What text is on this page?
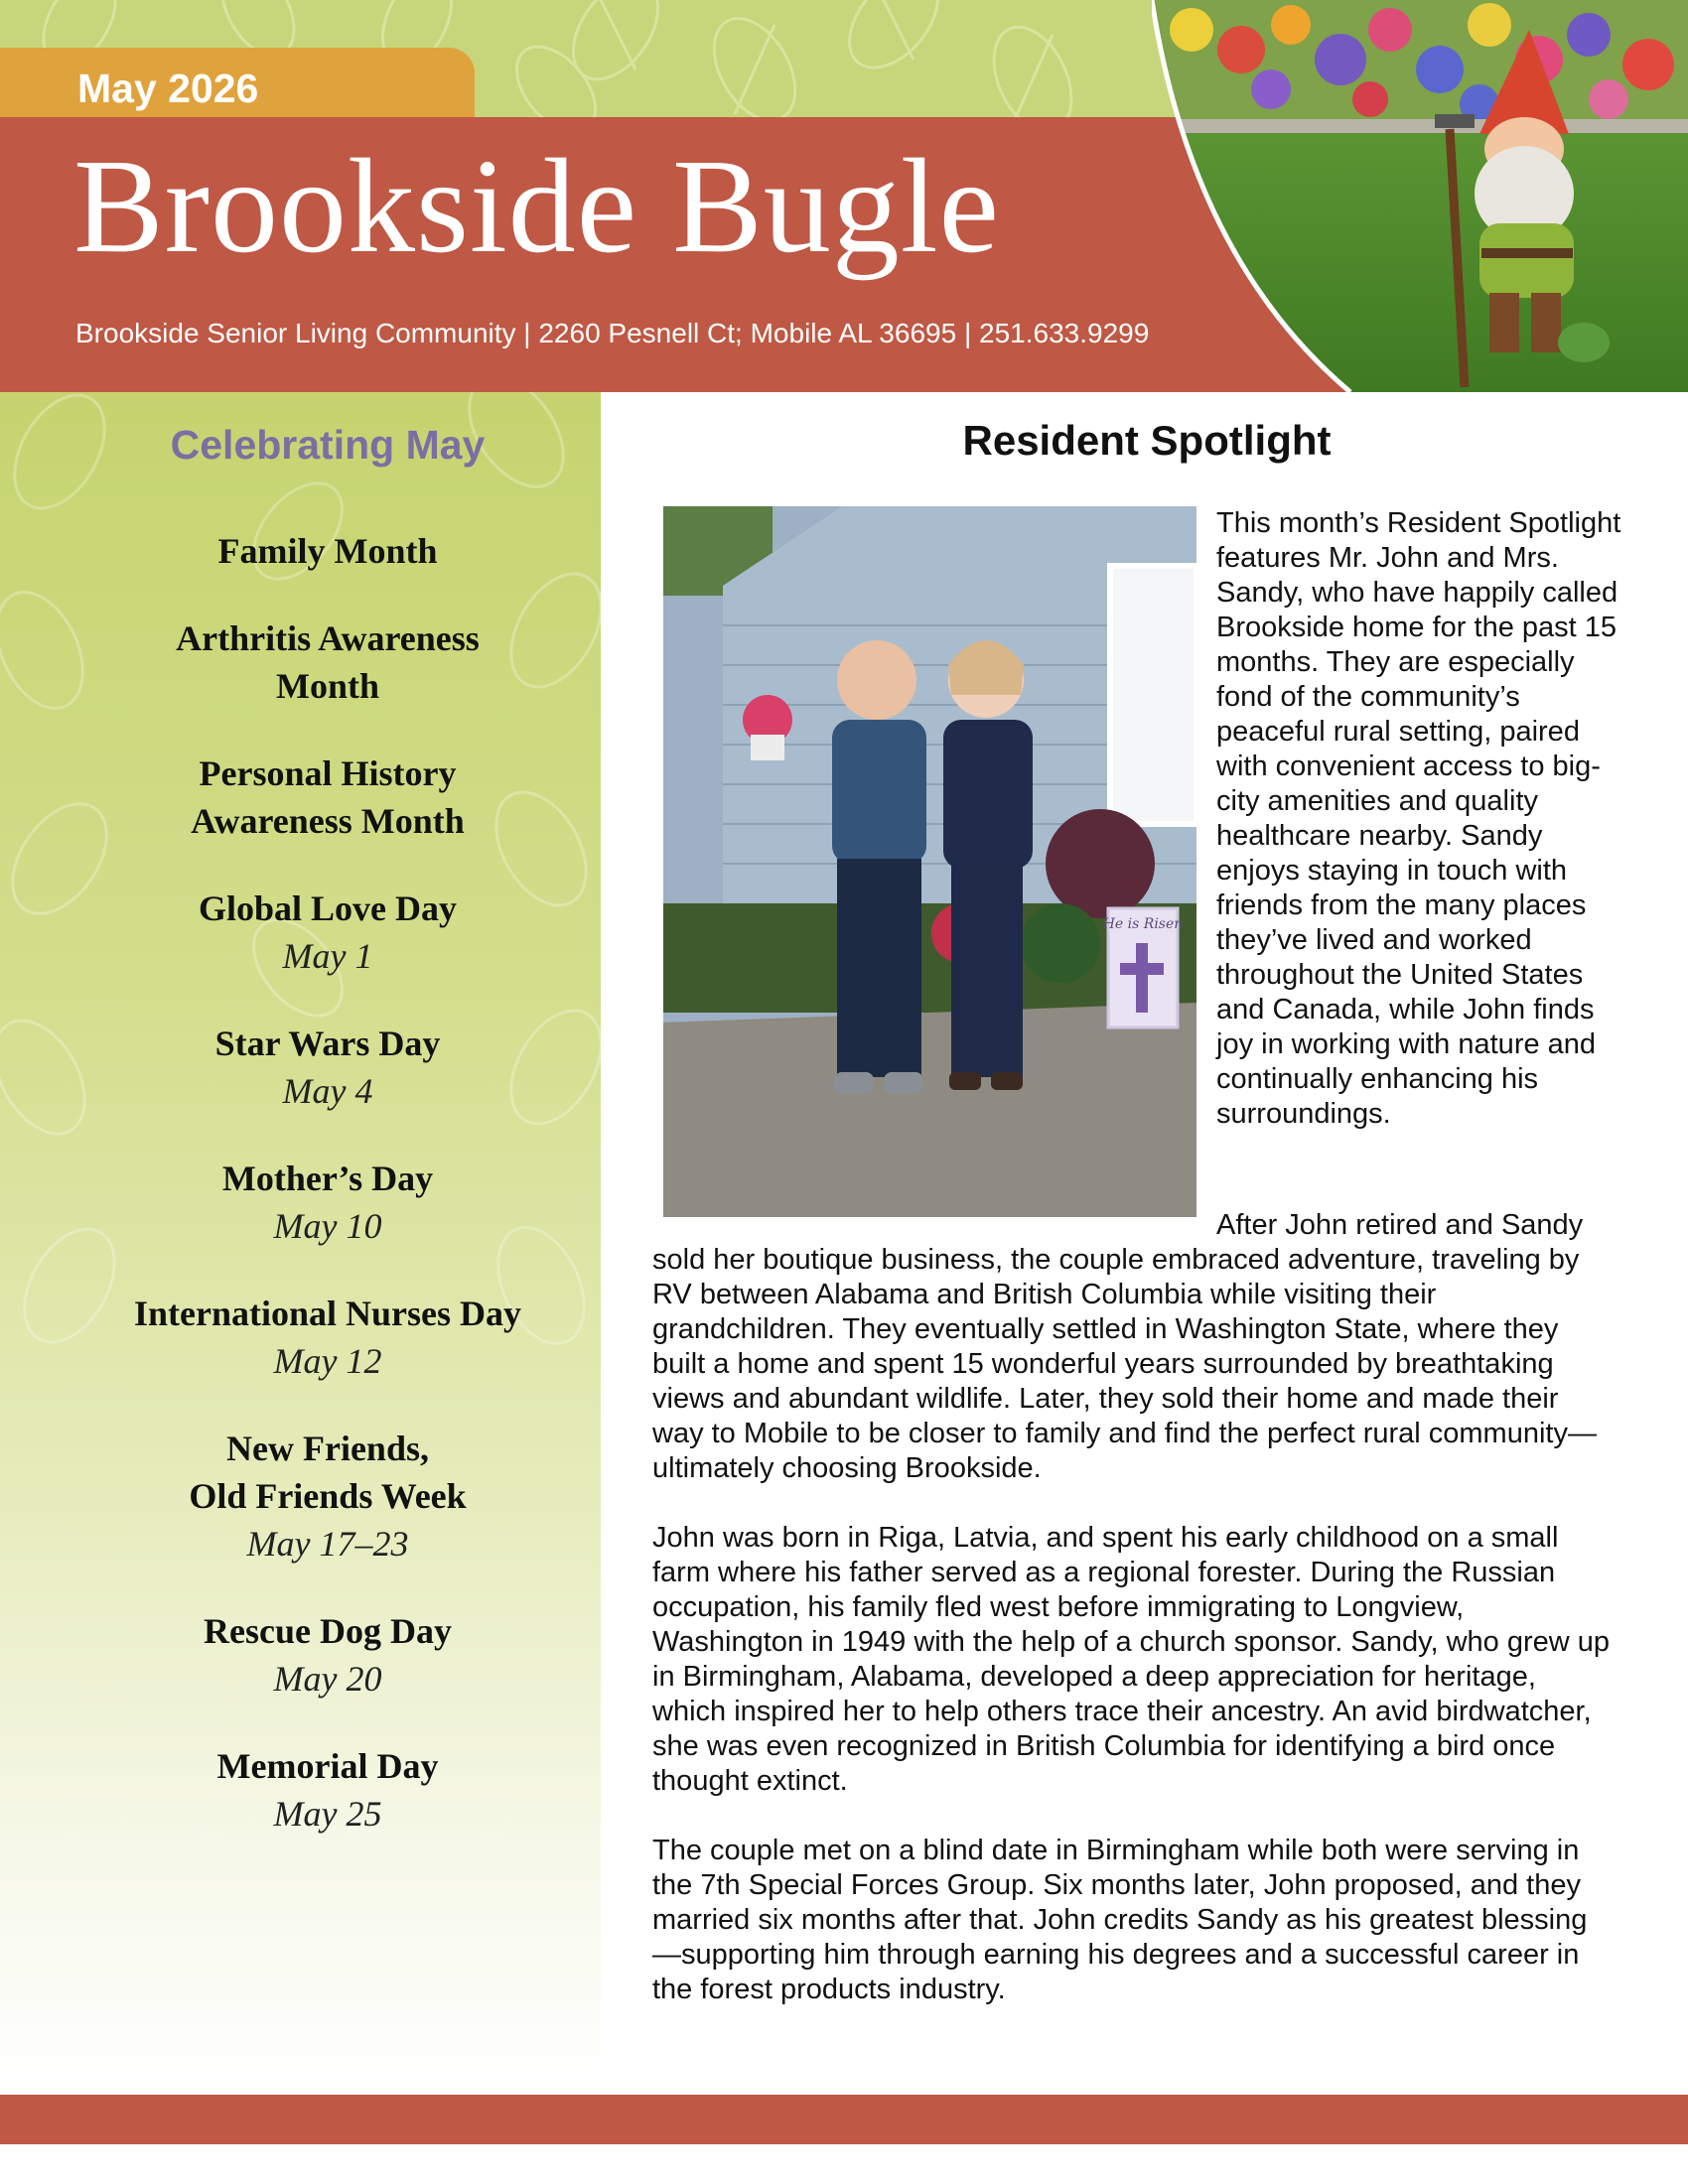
May 2026
Brookside Bugle
Brookside Senior Living Community | 2260 Pesnell Ct; Mobile AL 36695 | 251.633.9299
Celebrating May
Family Month
Arthritis Awareness
Month
Personal History
Awareness Month
Global Love Day
May 1
Star Wars Day
May 4
Mother’s Day
May 10
International Nurses Day
May 12
New Friends,
Old Friends Week
May 17–23
Rescue Dog Day
May 20
Memorial Day
May 25
Resident Spotlight
He is Risen
This month’s Resident Spotlight features Mr. John and Mrs. Sandy, who have happily called Brookside home for the past 15 months. They are especially fond of the community’s peaceful rural setting, paired with convenient access to big-city amenities and quality healthcare nearby. Sandy enjoys staying in touch with friends from the many places they’ve lived and worked throughout the United States and Canada, while John finds joy in working with nature and continually enhancing his surroundings.
After John retired and Sandy
sold her boutique business, the couple embraced adventure, traveling by RV between Alabama and British Columbia while visiting their grandchildren. They eventually settled in Washington State, where they built a home and spent 15 wonderful years surrounded by breathtaking views and abundant wildlife. Later, they sold their home and made their way to Mobile to be closer to family and find the perfect rural community—ultimately choosing Brookside.
John was born in Riga, Latvia, and spent his early childhood on a small farm where his father served as a regional forester. During the Russian occupation, his family fled west before immigrating to Longview, Washington in 1949 with the help of a church sponsor. Sandy, who grew up in Birmingham, Alabama, developed a deep appreciation for heritage, which inspired her to help others trace their ancestry. An avid birdwatcher, she was even recognized in British Columbia for identifying a bird once thought extinct.
The couple met on a blind date in Birmingham while both were serving in the 7th Special Forces Group. Six months later, John proposed, and they married six months after that. John credits Sandy as his greatest blessing—supporting him through earning his degrees and a successful career in the forest products industry.
